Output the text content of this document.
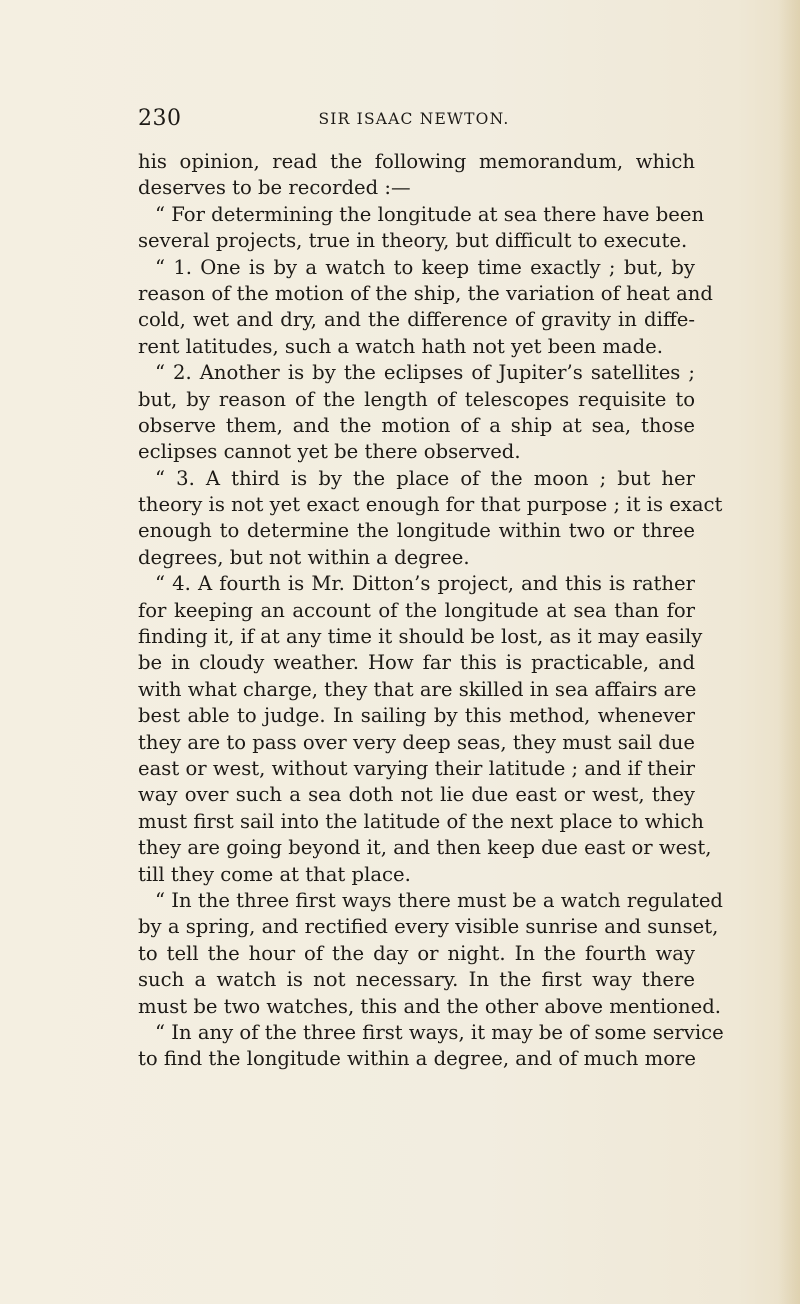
230	SIR ISAAC NEWTON.
his opinion, read the following memorandum, which
deserves to be recorded :—
“ For determining the longitude at sea there have been
several projects, true in theory, but difficult to execute.
“ 1. One is by a watch to keep time exactly ; but, by
reason of the motion of the ship, the variation of heat and
cold, wet and dry, and the difference of gravity in diffe-
rent latitudes, such a watch hath not yet been made.
“ 2. Another is by the eclipses of Jupiter’s satellites ;
but, by reason of the length of telescopes requisite to
observe them, and the motion of a ship at sea, those
eclipses cannot yet be there observed.
“ 3. A third is by the place of the moon ; but her
theory is not yet exact enough for that purpose ; it is exact
enough to determine the longitude within two or three
degrees, but not within a degree.
“ 4. A fourth is Mr. Ditton’s project, and this is rather
for keeping an account of the longitude at sea than for
finding it, if at any time it should be lost, as it may easily
be in cloudy weather. How far this is practicable, and
with what charge, they that are skilled in sea affairs are
best able to judge. In sailing by this method, whenever
they are to pass over very deep seas, they must sail due
east or west, without varying their latitude ; and if their
way over such a sea doth not lie due east or west, they
must first sail into the latitude of the next place to which
they are going beyond it, and then keep due east or west,
till they come at that place.
“ In the three first ways there must be a watch regulated
by a spring, and rectified every visible sunrise and sunset,
to tell the hour of the day or night. In the fourth way
such a watch is not necessary. In the first way there
must be two watches, this and the other above mentioned.
“ In any of the three first ways, it may be of some service
to find the longitude within a degree, and of much more
